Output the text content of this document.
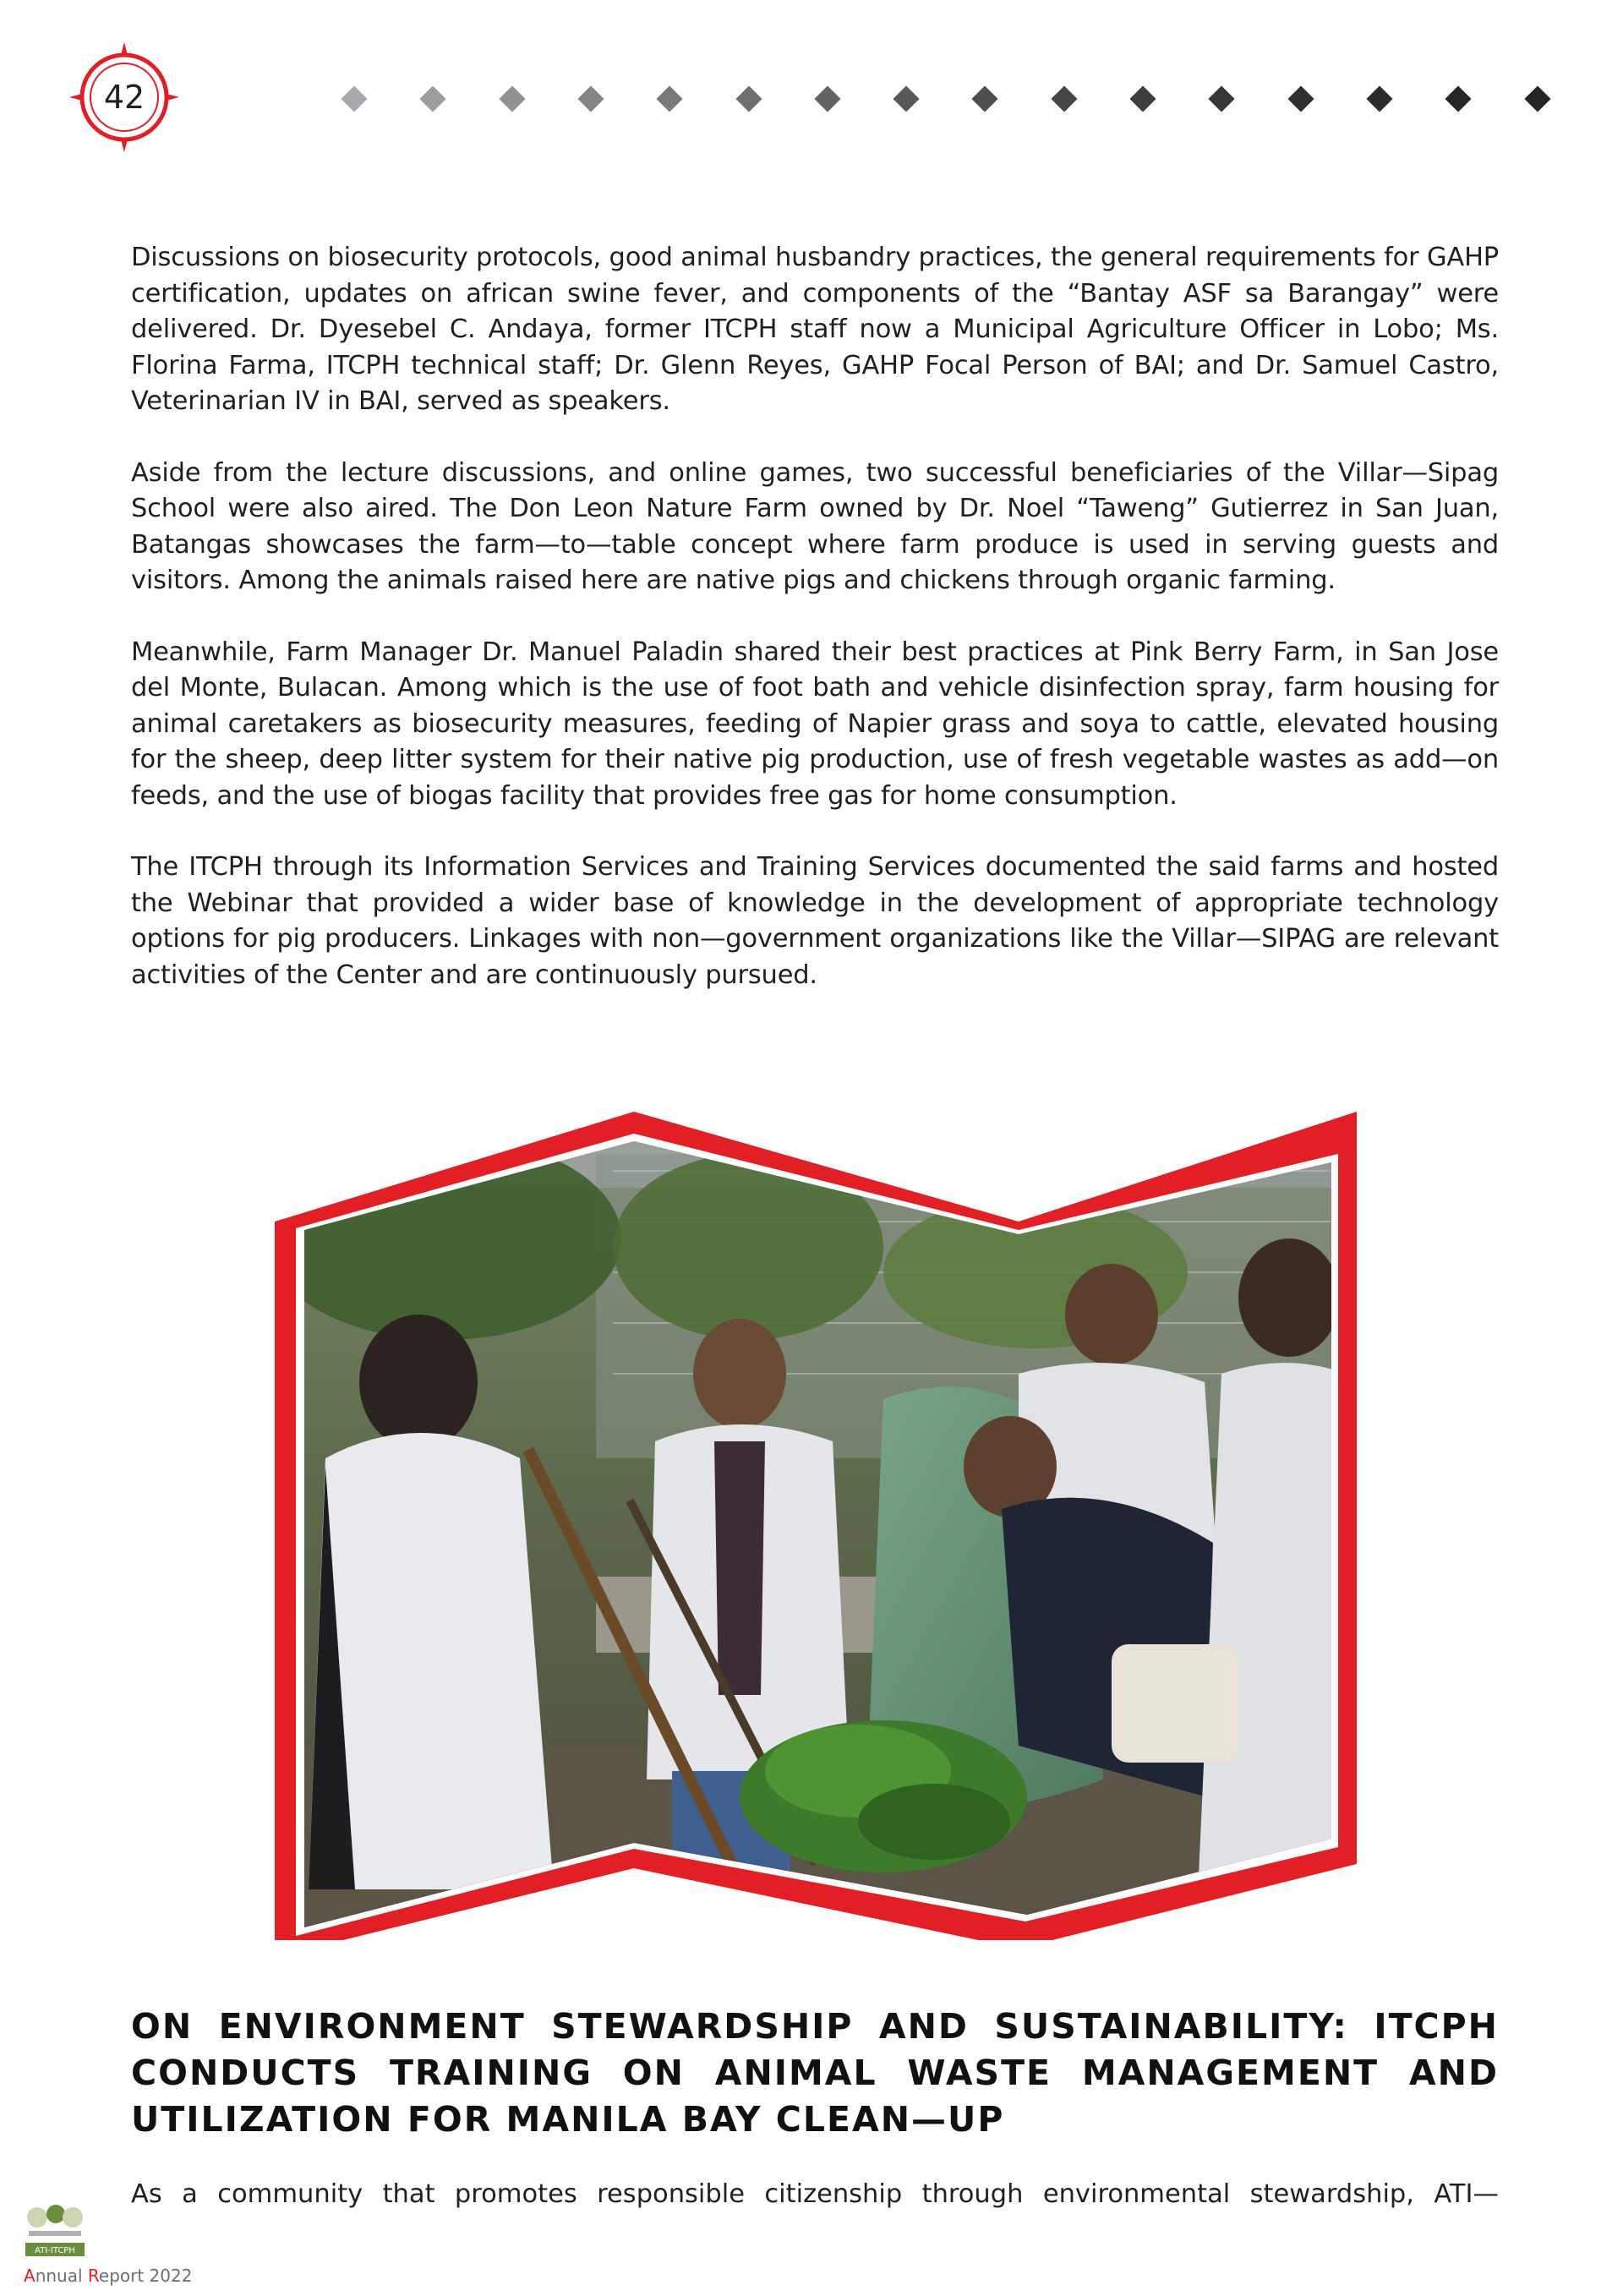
42

Discussions on biosecurity protocols, good animal husbandry practices, the general requirements for GAHP certification, updates on african swine fever, and components of the “Bantay ASF sa Barangay” were delivered. Dr. Dyesebel C. Andaya, former ITCPH staff now a Municipal Agriculture Officer in Lobo; Ms. Florina Farma, ITCPH technical staff; Dr. Glenn Reyes, GAHP Focal Person of BAI; and Dr. Samuel Castro, Veterinarian IV in BAI, served as speakers.

Aside from the lecture discussions, and online games, two successful beneficiaries of the Villar—Sipag School were also aired. The Don Leon Nature Farm owned by Dr. Noel “Taweng” Gutierrez in San Juan, Batangas showcases the farm—to—table concept where farm produce is used in serving guests and visitors. Among the animals raised here are native pigs and chickens through organic farming.

Meanwhile, Farm Manager Dr. Manuel Paladin shared their best practices at Pink Berry Farm, in San Jose del Monte, Bulacan. Among which is the use of foot bath and vehicle disinfection spray, farm housing for animal caretakers as biosecurity measures, feeding of Napier grass and soya to cattle, elevated housing for the sheep, deep litter system for their native pig production, use of fresh vegetable wastes as add—on feeds, and the use of biogas facility that provides free gas for home consumption.

The ITCPH through its Information Services and Training Services documented the said farms and hosted the Webinar that provided a wider base of knowledge in the development of appropriate technology options for pig producers. Linkages with non—government organizations like the Villar—SIPAG are relevant activities of the Center and are continuously pursued.

ON ENVIRONMENT STEWARDSHIP AND SUSTAINABILITY: ITCPH CONDUCTS TRAINING ON ANIMAL WASTE MANAGEMENT AND UTILIZATION FOR MANILA BAY CLEAN—UP

As a community that promotes responsible citizenship through environmental stewardship, ATI—

ATI-ITCPH
Annual Report 2022
